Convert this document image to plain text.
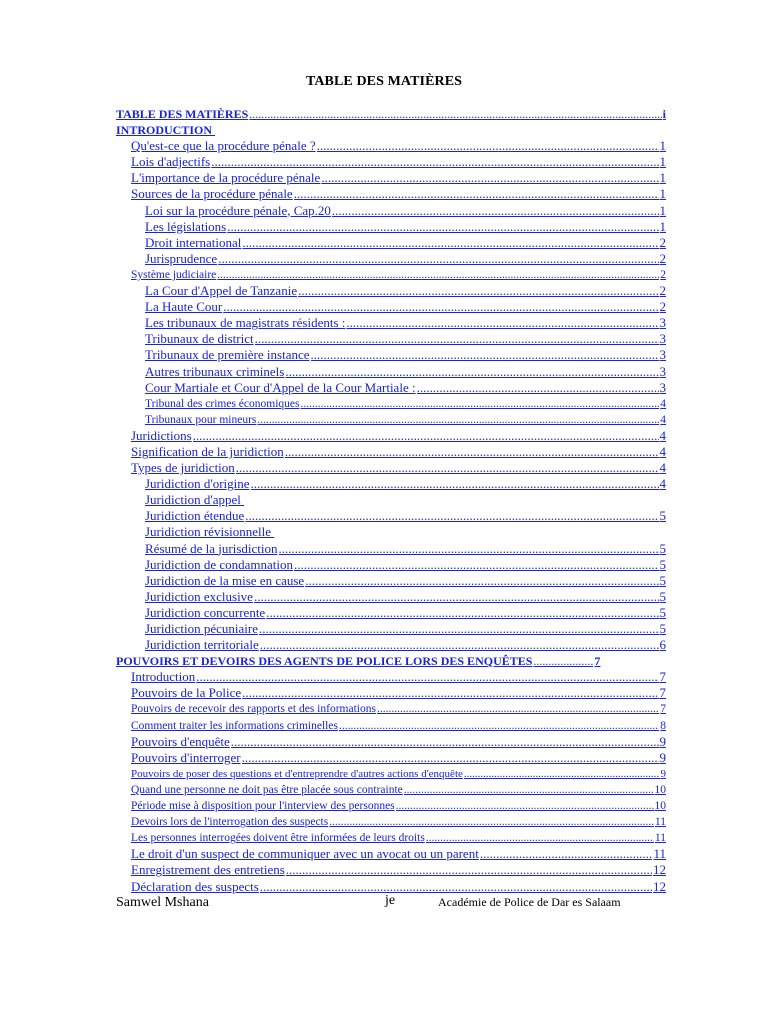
TABLE DES MATIÈRES
TABLE DES MATIÈRES .....	i
INTRODUCTION

Qu'est-ce que la procédure pénale ? .....	1
Lois d'adjectifs .....	1
L'importance de la procédure pénale .....	1
Sources de la procédure pénale .....	1
Loi sur la procédure pénale, Cap.20 .....	1
Les législations .....	1
Droit international .....	2
Jurisprudence .....	2
Système judiciaire .....	2
La Cour d'Appel de Tanzanie .....	2
La Haute Cour .....	2
Les tribunaux de magistrats résidents : .....	3
Tribunaux de district .....	3
Tribunaux de première instance .....	3
Autres tribunaux criminels .....	3
Cour Martiale et Cour d'Appel de la Cour Martiale : .....	3
Tribunal des crimes économiques .....	4
Tribunaux pour mineurs .....	4
Juridictions .....	4
Signification de la juridiction .....	4
Types de juridiction .....	4
Juridiction d'origine .....	4
Juridiction d'appel

Juridiction étendue .....	5
Juridiction révisionnelle

Résumé de la jurisdiction .....	5
Juridiction de condamnation .....	5
Juridiction de la mise en cause .....	5
Juridiction exclusive .....	5
Juridiction concurrente .....	5
Juridiction pécuniaire .....	5
Juridiction territoriale .....	6
POUVOIRS ET DEVOIRS DES AGENTS DE POLICE LORS DES ENQUÊTES .....	7
Introduction .....	7
Pouvoirs de la Police .....	7
Pouvoirs de recevoir des rapports et des informations .....	7
Comment traiter les informations criminelles .....	8
Pouvoirs d'enquête .....	9
Pouvoirs d'interroger .....	9
Pouvoirs de poser des questions et d'entreprendre d'autres actions d'enquête .....	9
Quand une personne ne doit pas être placée sous contrainte .....	10
Période mise à disposition pour l'interview des personnes .....	10
Devoirs lors de l'interrogation des suspects .....	11
Les personnes interrogées doivent être informées de leurs droits .....	11
Le droit d'un suspect de communiquer avec un avocat ou un parent .....	11
Enregistrement des entretiens .....	12
Déclaration des suspects .....	12
Samwel Mshana	je	Académie de Police de Dar es Salaam
